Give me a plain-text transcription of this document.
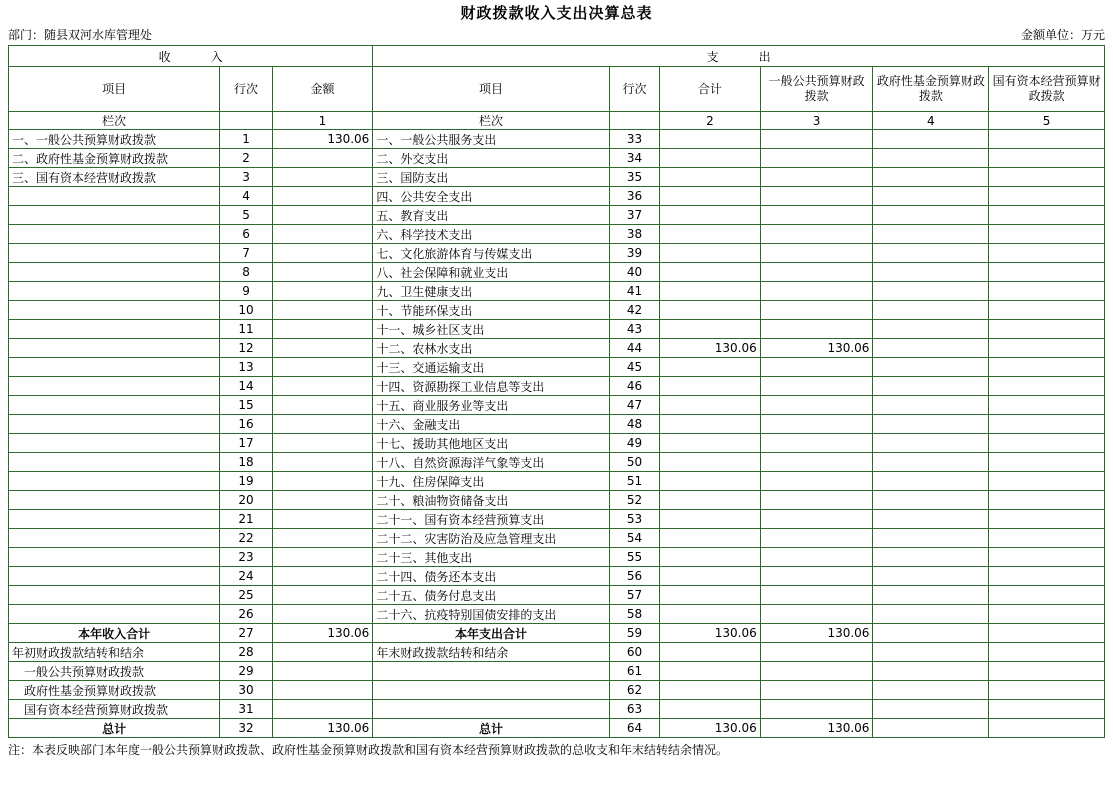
财政拨款收入支出决算总表
部门：随县双河水库管理处	金额单位：万元
收　入			支　出					
项目	行次	金额	项目	行次	合计	一般公共预算财政拨款	政府性基金预算财政拨款	国有资本经营预算财政拨款
栏次		1	栏次		2	3	4	5
一、一般公共预算财政拨款	1	130.06	一、一般公共服务支出	33				
二、政府性基金预算财政拨款	2		二、外交支出	34				
三、国有资本经营财政拨款	3		三、国防支出	35				
	4		四、公共安全支出	36				
	5		五、教育支出	37				
	6		六、科学技术支出	38				
	7		七、文化旅游体育与传媒支出	39				
	8		八、社会保障和就业支出	40				
	9		九、卫生健康支出	41				
	10		十、节能环保支出	42				
	11		十一、城乡社区支出	43				
	12		十二、农林水支出	44	130.06	130.06		
	13		十三、交通运输支出	45				
	14		十四、资源勘探工业信息等支出	46				
	15		十五、商业服务业等支出	47				
	16		十六、金融支出	48				
	17		十七、援助其他地区支出	49				
	18		十八、自然资源海洋气象等支出	50				
	19		十九、住房保障支出	51				
	20		二十、粮油物资储备支出	52				
	21		二十一、国有资本经营预算支出	53				
	22		二十二、灾害防治及应急管理支出	54				
	23		二十三、其他支出	55				
	24		二十四、债务还本支出	56				
	25		二十五、债务付息支出	57				
	26		二十六、抗疫特别国债安排的支出	58				
本年收入合计	27	130.06	本年支出合计	59	130.06	130.06		
年初财政拨款结转和结余	28		年末财政拨款结转和结余	60				
　一般公共预算财政拨款	29			61				
　政府性基金预算财政拨款	30			62				
　国有资本经营预算财政拨款	31			63				
总计	32	130.06	总计	64	130.06	130.06		
注：本表反映部门本年度一般公共预算财政拨款、政府性基金预算财政拨款和国有资本经营预算财政拨款的总收支和年末结转结余情况。
